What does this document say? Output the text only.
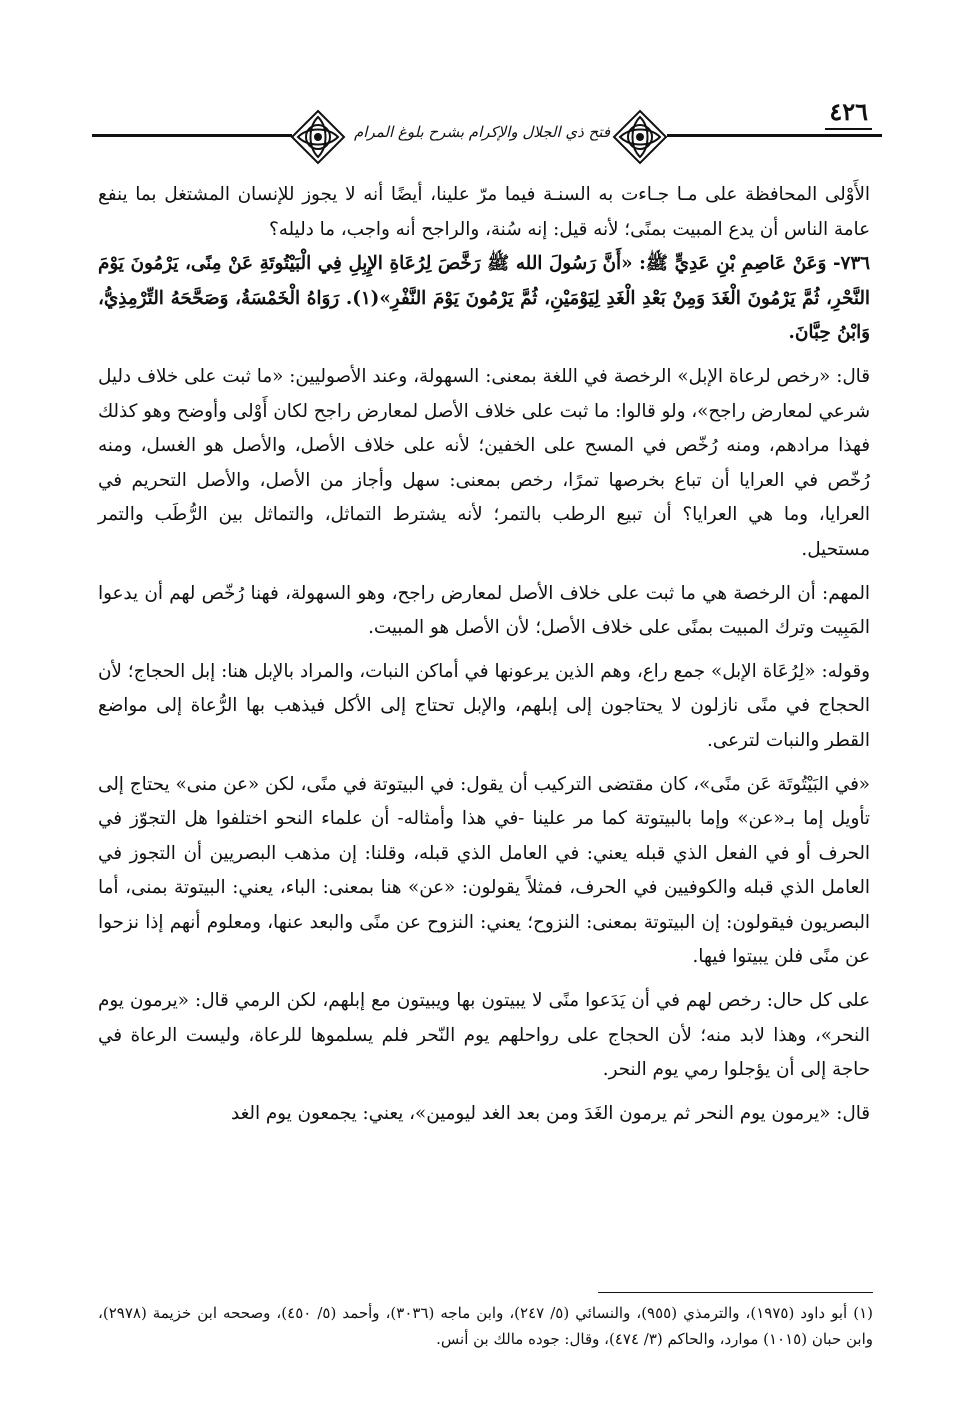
فتح ذي الجلال والإكرام بشرح بلوغ المرام
٤٢٦

الأَوْلى المحافظة على مـا جـاءت به السنـة فيما مرّ علينا، أيضًا أنه لا يجوز للإنسان المشتغل بما ينفع عامة الناس أن يدع المبيت بمنًى؛ لأنه قيل: إنه سُنة، والراجح أنه واجب، ما دليله؟

٧٣٦- وَعَنْ عَاصِمِ بْنِ عَدِيٍّ ﷺ: «أَنَّ رَسُولَ الله ﷺ رَخَّصَ لِرُعَاةِ الإِبِلِ فِي الْبَيْتُوتَةِ عَنْ مِنًى، يَرْمُونَ يَوْمَ النَّحْرِ، ثُمَّ يَرْمُونَ الْغَدَ وَمِنْ بَعْدِ الْغَدِ لِيَوْمَيْنِ، ثُمَّ يَرْمُونَ يَوْمَ النَّفْرِ»(١). رَوَاهُ الْخَمْسَةُ، وَصَحَّحَهُ التِّرْمِذِيُّ، وَابْنُ حِبَّانَ.

قال: «رخص لرعاة الإبل» الرخصة في اللغة بمعنى: السهولة، وعند الأصوليين: «ما ثبت على خلاف دليل شرعي لمعارض راجح»، ولو قالوا: ما ثبت على خلاف الأصل لمعارض راجح لكان أَوْلى وأوضح وهو كذلك فهذا مرادهم، ومنه رُخّص في المسح على الخفين؛ لأنه على خلاف الأصل، والأصل هو الغسل، ومنه رُخّص في العرايا أن تباع بخرصها تمرًا، رخص بمعنى: سهل وأجاز من الأصل، والأصل التحريم في العرايا، وما هي العرايا؟ أن تبيع الرطب بالتمر؛ لأنه يشترط التماثل، والتماثل بين الرُّطَب والتمر مستحيل.

المهم: أن الرخصة هي ما ثبت على خلاف الأصل لمعارض راجح، وهو السهولة، فهنا رُخّص لهم أن يدعوا المَبِيت وترك المبيت بمنًى على خلاف الأصل؛ لأن الأصل هو المبيت.

وقوله: «لِرُعَاة الإبل» جمع راع، وهم الذين يرعونها في أماكن النبات، والمراد بالإبل هنا: إبل الحجاج؛ لأن الحجاج في منًى نازلون لا يحتاجون إلى إبلهم، والإبل تحتاج إلى الأكل فيذهب بها الرُّعاة إلى مواضع القطر والنبات لترعى.

«في البَيْتُوتَة عَن منًى»، كان مقتضى التركيب أن يقول: في البيتوتة في منًى، لكن «عن منى» يحتاج إلى تأويل إما بـ«عن» وإما بالبيتوتة كما مر علينا -في هذا وأمثاله- أن علماء النحو اختلفوا هل التجوّز في الحرف أو في الفعل الذي قبله يعني: في العامل الذي قبله، وقلنا: إن مذهب البصريين أن التجوز في العامل الذي قبله والكوفيين في الحرف، فمثلاً يقولون: «عن» هنا بمعنى: الباء، يعني: البيتوتة بمنى، أما البصريون فيقولون: إن البيتوتة بمعنى: النزوح؛ يعني: النزوح عن منًى والبعد عنها، ومعلوم أنهم إذا نزحوا عن منًى فلن يبيتوا فيها.

على كل حال: رخص لهم في أن يَدَعوا منًى لا يبيتون بها ويبيتون مع إبلهم، لكن الرمي قال: «يرمون يوم النحر»، وهذا لابد منه؛ لأن الحجاج على رواحلهم يوم النّحر فلم يسلموها للرعاة، وليست الرعاة في حاجة إلى أن يؤجلوا رمي يوم النحر.

قال: «يرمون يوم النحر ثم يرمون الغَدَ ومن بعد الغد ليومين»، يعني: يجمعون يوم الغد

(١) أبو داود (١٩٧٥)، والترمذي (٩٥٥)، والنسائي (٥/ ٢٤٧)، وابن ماجه (٣٠٣٦)، وأحمد (٥/ ٤٥٠)، وصححه ابن خزيمة (٢٩٧٨)، وابن حبان (١٠١٥) موارد، والحاكم (٣/ ٤٧٤)، وقال: جوده مالك بن أنس.
